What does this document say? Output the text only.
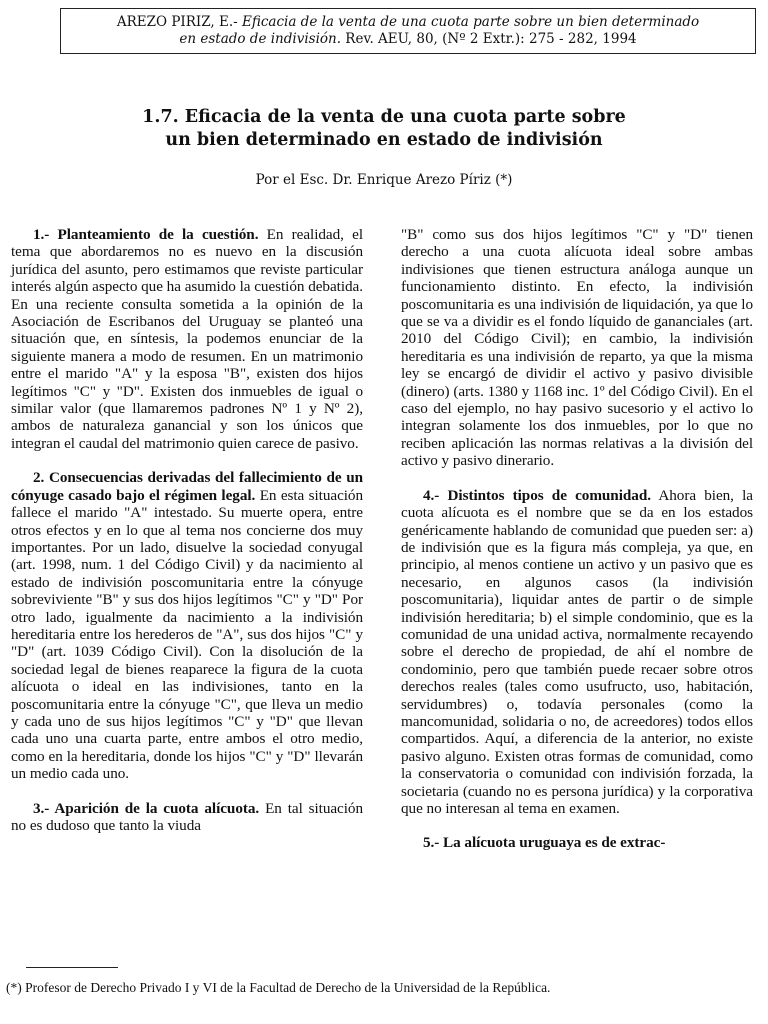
AREZO PIRIZ, E.- Eficacia de la venta de una cuota parte sobre un bien determinado
en estado de indivisión. Rev. AEU, 80, (Nº 2 Extr.): 275 - 282, 1994
1.7. Eficacia de la venta de una cuota parte sobre
un bien determinado en estado de indivisión
Por el Esc. Dr. Enrique Arezo Píriz (*)

1.- Planteamiento de la cuestión. En realidad, el tema que abordaremos no es nuevo en la discusión jurídica del asunto, pero estimamos que reviste particular interés algún aspecto que ha asumido la cuestión debatida. En una reciente consulta sometida a la opinión de la Asociación de Escribanos del Uruguay se planteó una situación que, en síntesis, la podemos enunciar de la siguiente manera a modo de resumen. En un matrimonio entre el marido "A" y la esposa "B", existen dos hijos legítimos "C" y "D". Existen dos inmuebles de igual o similar valor (que llamaremos padrones Nº 1 y Nº 2), ambos de naturaleza ganancial y son los únicos que integran el caudal del matrimonio quien carece de pasivo.

2. Consecuencias derivadas del fallecimiento de un cónyuge casado bajo el régimen legal. En esta situación fallece el marido "A" intestado. Su muerte opera, entre otros efectos y en lo que al tema nos concierne dos muy importantes. Por un lado, disuelve la sociedad conyugal (art. 1998, num. 1 del Código Civil) y da nacimiento al estado de indivisión poscomunitaria entre la cónyuge sobreviviente "B" y sus dos hijos legítimos "C" y "D" Por otro lado, igualmente da nacimiento a la indivisión hereditaria entre los herederos de "A", sus dos hijos "C" y "D" (art. 1039 Código Civil). Con la disolución de la sociedad legal de bienes reaparece la figura de la cuota alícuota o ideal en las indivisiones, tanto en la poscomunitaria entre la cónyuge "C", que lleva un medio y cada uno de sus hijos legítimos "C" y "D" que llevan cada uno una cuarta parte, entre ambos el otro medio, como en la hereditaria, donde los hijos "C" y "D" llevarán un medio cada uno.

3.- Aparición de la cuota alícuota. En tal situación no es dudoso que tanto la viuda

"B" como sus dos hijos legítimos "C" y "D" tienen derecho a una cuota alícuota ideal sobre ambas indivisiones que tienen estructura análoga aunque un funcionamiento distinto. En efecto, la indivisión poscomunitaria es una indivisión de liquidación, ya que lo que se va a dividir es el fondo líquido de gananciales (art. 2010 del Código Civil); en cambio, la indivisión hereditaria es una indivisión de reparto, ya que la misma ley se encargó de dividir el activo y pasivo divisible (dinero) (arts. 1380 y 1168 inc. 1º del Código Civil). En el caso del ejemplo, no hay pasivo sucesorio y el activo lo integran solamente los dos inmuebles, por lo que no reciben aplicación las normas relativas a la división del activo y pasivo dinerario.

4.- Distintos tipos de comunidad. Ahora bien, la cuota alícuota es el nombre que se da en los estados genéricamente hablando de comunidad que pueden ser: a) de indivisión que es la figura más compleja, ya que, en principio, al menos contiene un activo y un pasivo que es necesario, en algunos casos (la indivisión poscomunitaria), liquidar antes de partir o de simple indivisión hereditaria; b) el simple condominio, que es la comunidad de una unidad activa, normalmente recayendo sobre el derecho de propiedad, de ahí el nombre de condominio, pero que también puede recaer sobre otros derechos reales (tales como usufructo, uso, habitación, servidumbres) o, todavía personales (como la mancomunidad, solidaria o no, de acreedores) todos ellos compartidos. Aquí, a diferencia de la anterior, no existe pasivo alguno. Existen otras formas de comunidad, como la conservatoria o comunidad con indivisión forzada, la societaria (cuando no es persona jurídica) y la corporativa que no interesan al tema en examen.

5.- La alícuota uruguaya es de extrac-

(*) Profesor de Derecho Privado I y VI de la Facultad de Derecho de la Universidad de la República.
